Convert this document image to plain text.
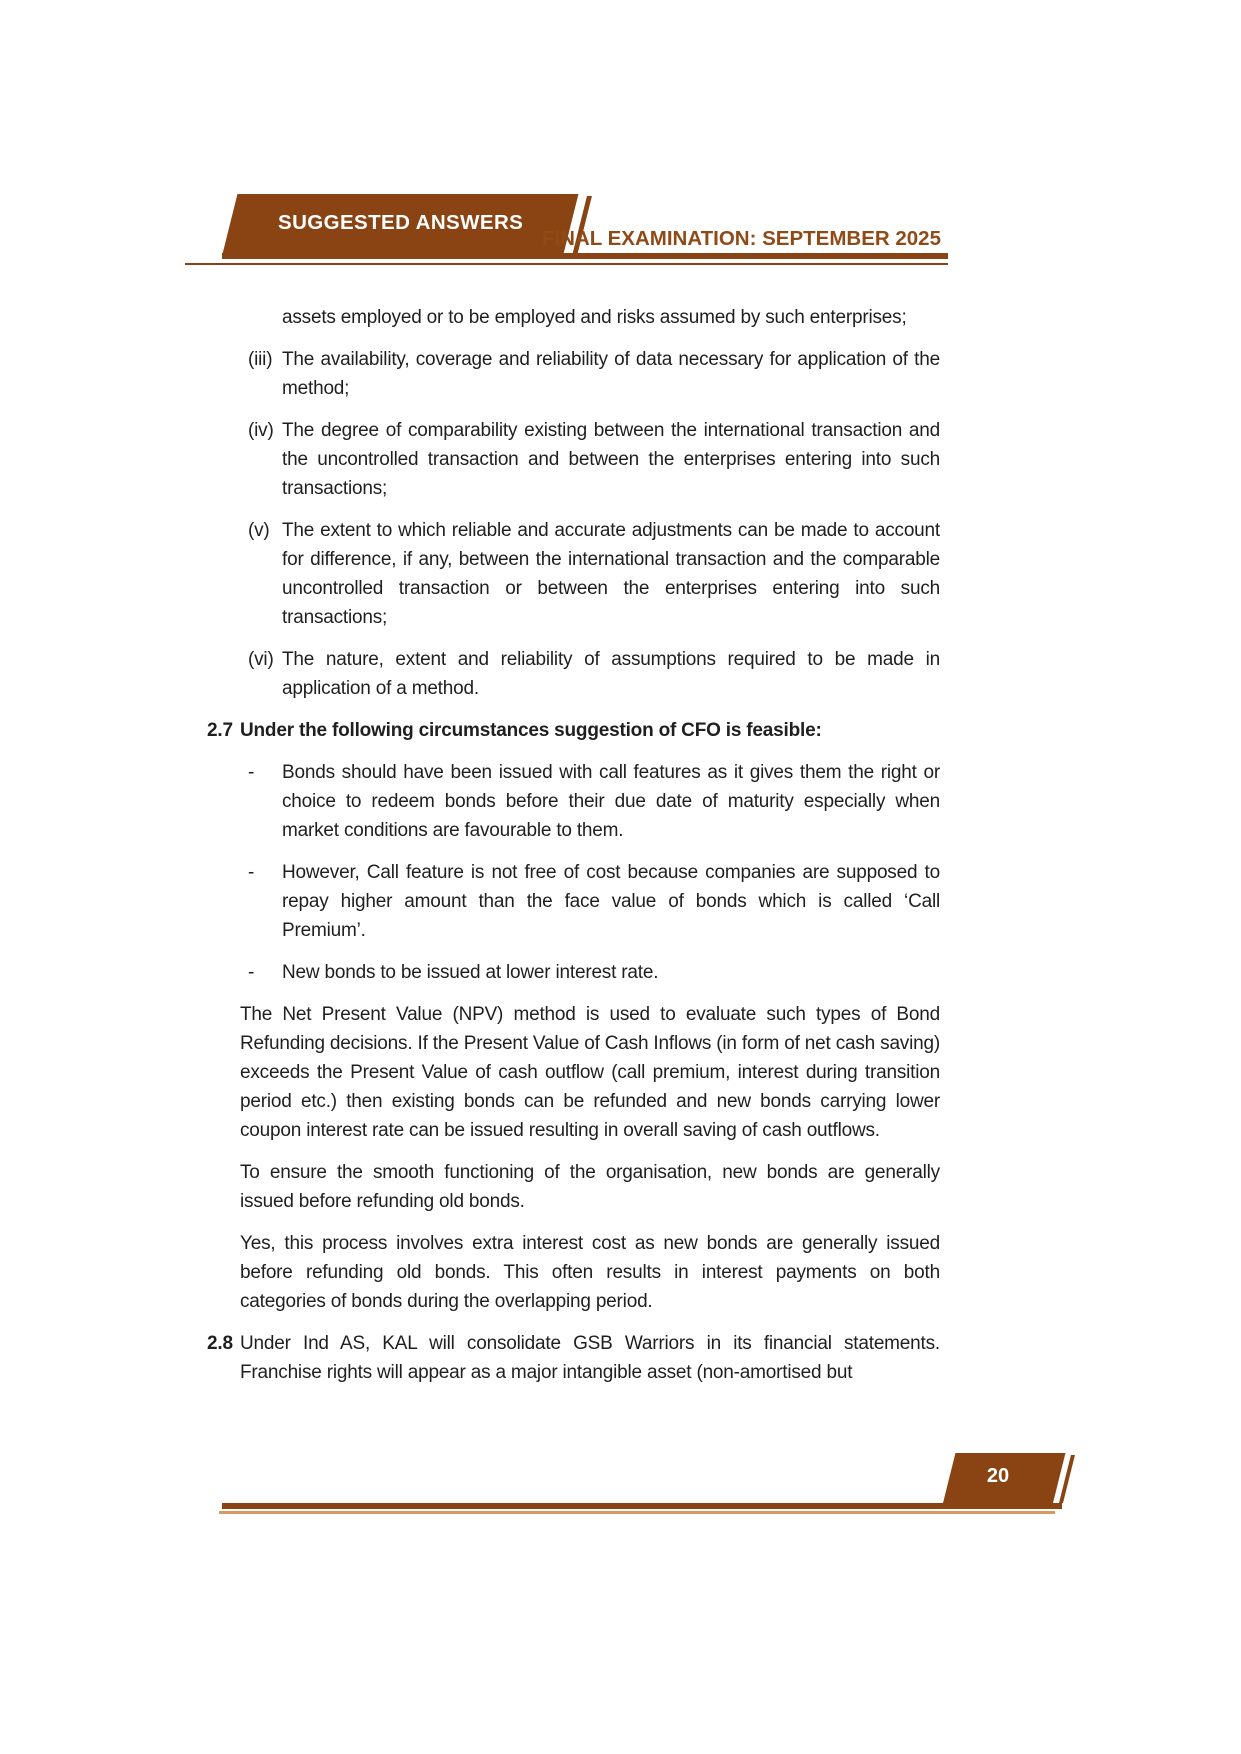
SUGGESTED ANSWERS
FINAL EXAMINATION: SEPTEMBER 2025

assets employed or to be employed and risks assumed by such enterprises;

(iii) The availability, coverage and reliability of data necessary for application of the method;

(iv) The degree of comparability existing between the international transaction and the uncontrolled transaction and between the enterprises entering into such transactions;

(v) The extent to which reliable and accurate adjustments can be made to account for difference, if any, between the international transaction and the comparable uncontrolled transaction or between the enterprises entering into such transactions;

(vi) The nature, extent and reliability of assumptions required to be made in application of a method.

2.7 Under the following circumstances suggestion of CFO is feasible:

- Bonds should have been issued with call features as it gives them the right or choice to redeem bonds before their due date of maturity especially when market conditions are favourable to them.

- However, Call feature is not free of cost because companies are supposed to repay higher amount than the face value of bonds which is called ‘Call Premium’.

- New bonds to be issued at lower interest rate.

The Net Present Value (NPV) method is used to evaluate such types of Bond Refunding decisions. If the Present Value of Cash Inflows (in form of net cash saving) exceeds the Present Value of cash outflow (call premium, interest during transition period etc.) then existing bonds can be refunded and new bonds carrying lower coupon interest rate can be issued resulting in overall saving of cash outflows.

To ensure the smooth functioning of the organisation, new bonds are generally issued before refunding old bonds.

Yes, this process involves extra interest cost as new bonds are generally issued before refunding old bonds. This often results in interest payments on both categories of bonds during the overlapping period.

2.8 Under Ind AS, KAL will consolidate GSB Warriors in its financial statements. Franchise rights will appear as a major intangible asset (non-amortised but

20
